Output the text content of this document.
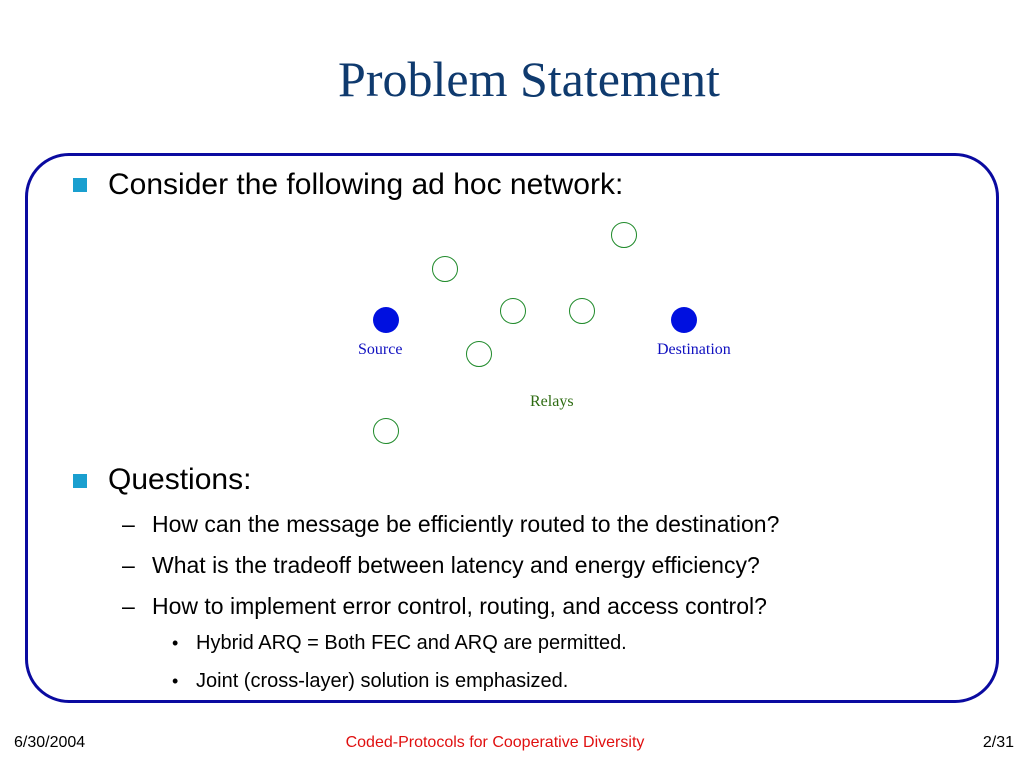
Problem Statement
Consider the following ad hoc network:
Source	Destination
Relays
Questions:
– How can the message be efficiently routed to the destination?
– What is the tradeoff between latency and energy efficiency?
– How to implement error control, routing, and access control?
• Hybrid ARQ = Both FEC and ARQ are permitted.
• Joint (cross-layer) solution is emphasized.
6/30/2004	Coded-Protocols for Cooperative Diversity	2/31
